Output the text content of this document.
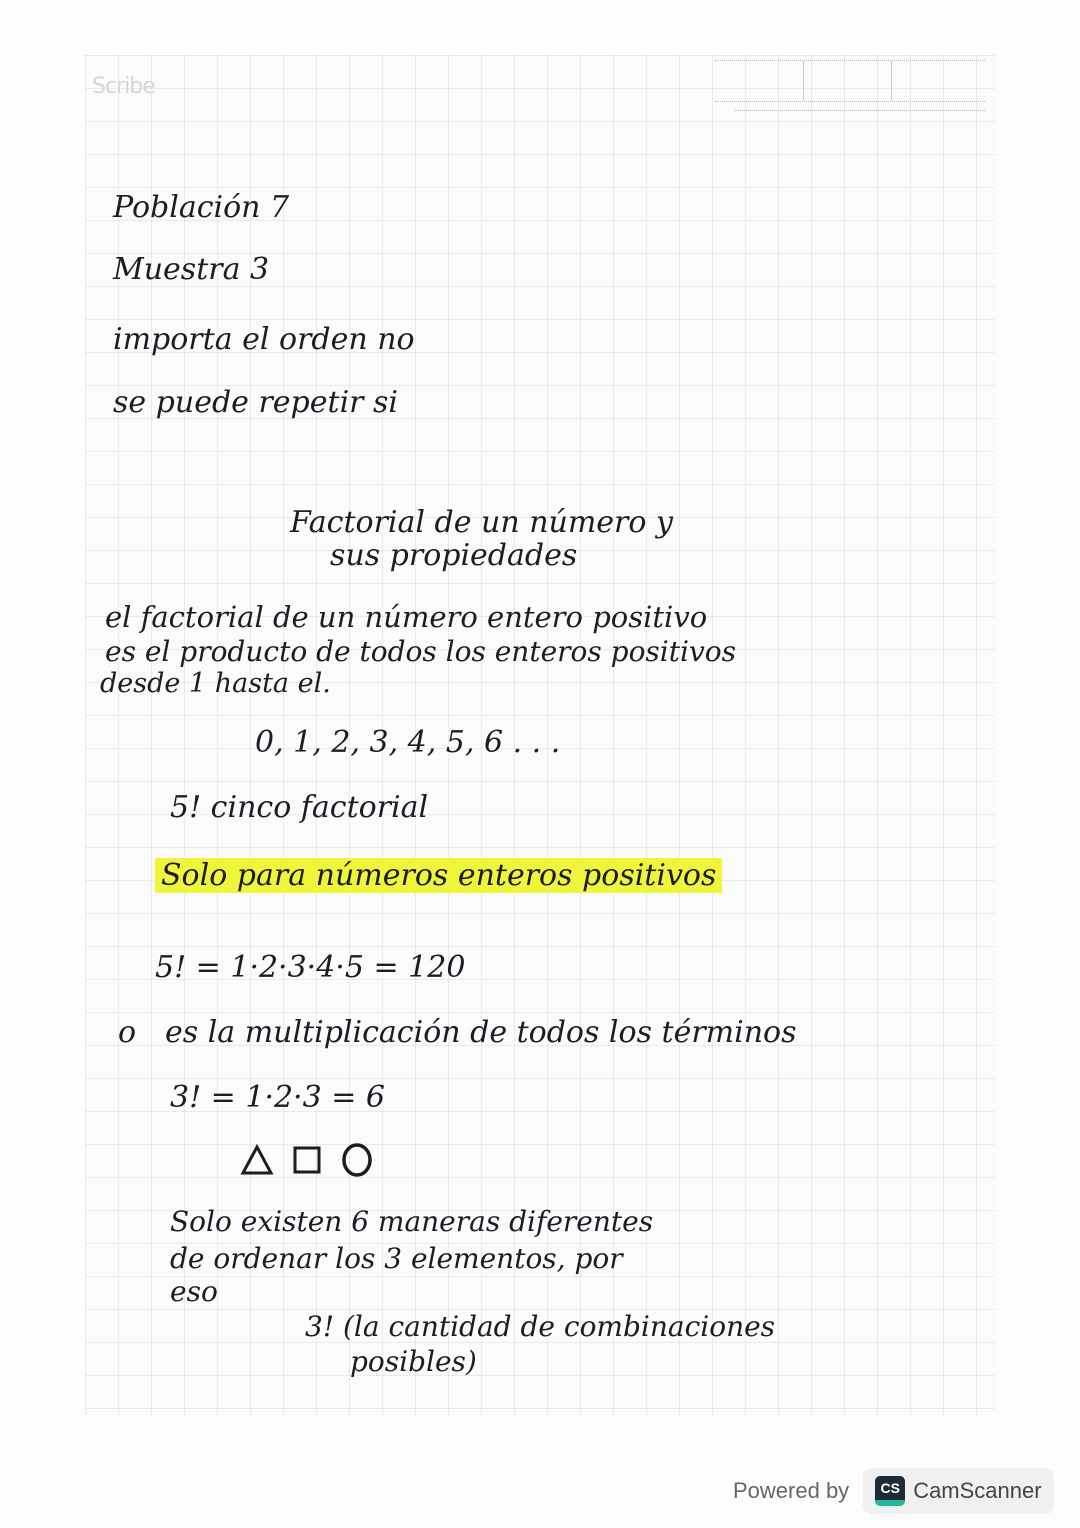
Scribe
Población 7
Muestra 3
importa el orden no
se puede repetir si
Factorial de un número y
sus propiedades
el factorial de un número entero positivo
es el producto de todos los enteros positivos
desde 1 hasta el.
0, 1, 2, 3, 4, 5, 6 . . .
5! cinco factorial
Solo para números enteros positivos
5! = 1·2·3·4·5 = 120
o es la multiplicación de todos los términos
3! = 1·2·3 = 6
Solo existen 6 maneras diferentes
de ordenar los 3 elementos, por
eso
3! (la cantidad de combinaciones
posibles)
Powered by	CS CamScanner
